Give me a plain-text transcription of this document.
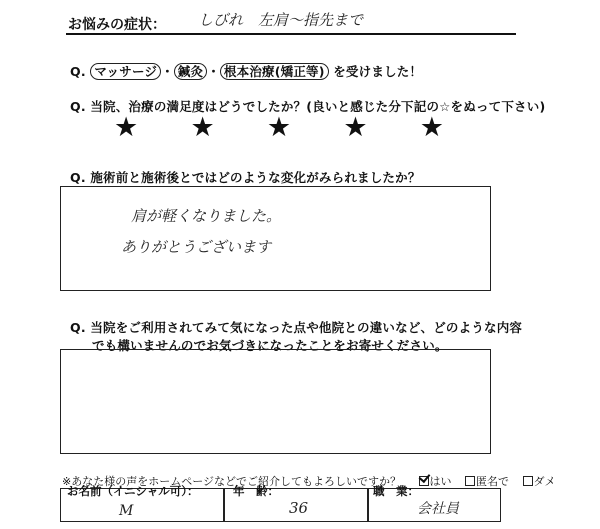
お悩みの症状： しびれ　左肩〜指先まで
Q. マッサージ ・ 鍼灸 ・ 根本治療(矯正等) を受けました！
Q. 当院、治療の満足度はどうでしたか？(良いと感じた分下記の☆をぬって下さい)
★ ★ ★ ★ ★
Q. 施術前と施術後とではどのような変化がみられましたか？
肩が軽くなりました。
ありがとうございます
Q. 当院をご利用されてみて気になった点や他院との違いなど、どのような内容
でも構いませんのでお気づきになったことをお寄せください。
※あなた様の声をホームページなどでご紹介してもよろしいですか？	はい 匿名で ダメ
お名前（イニシャル可）：
M
年　齢：
36
職　業：
会社員
